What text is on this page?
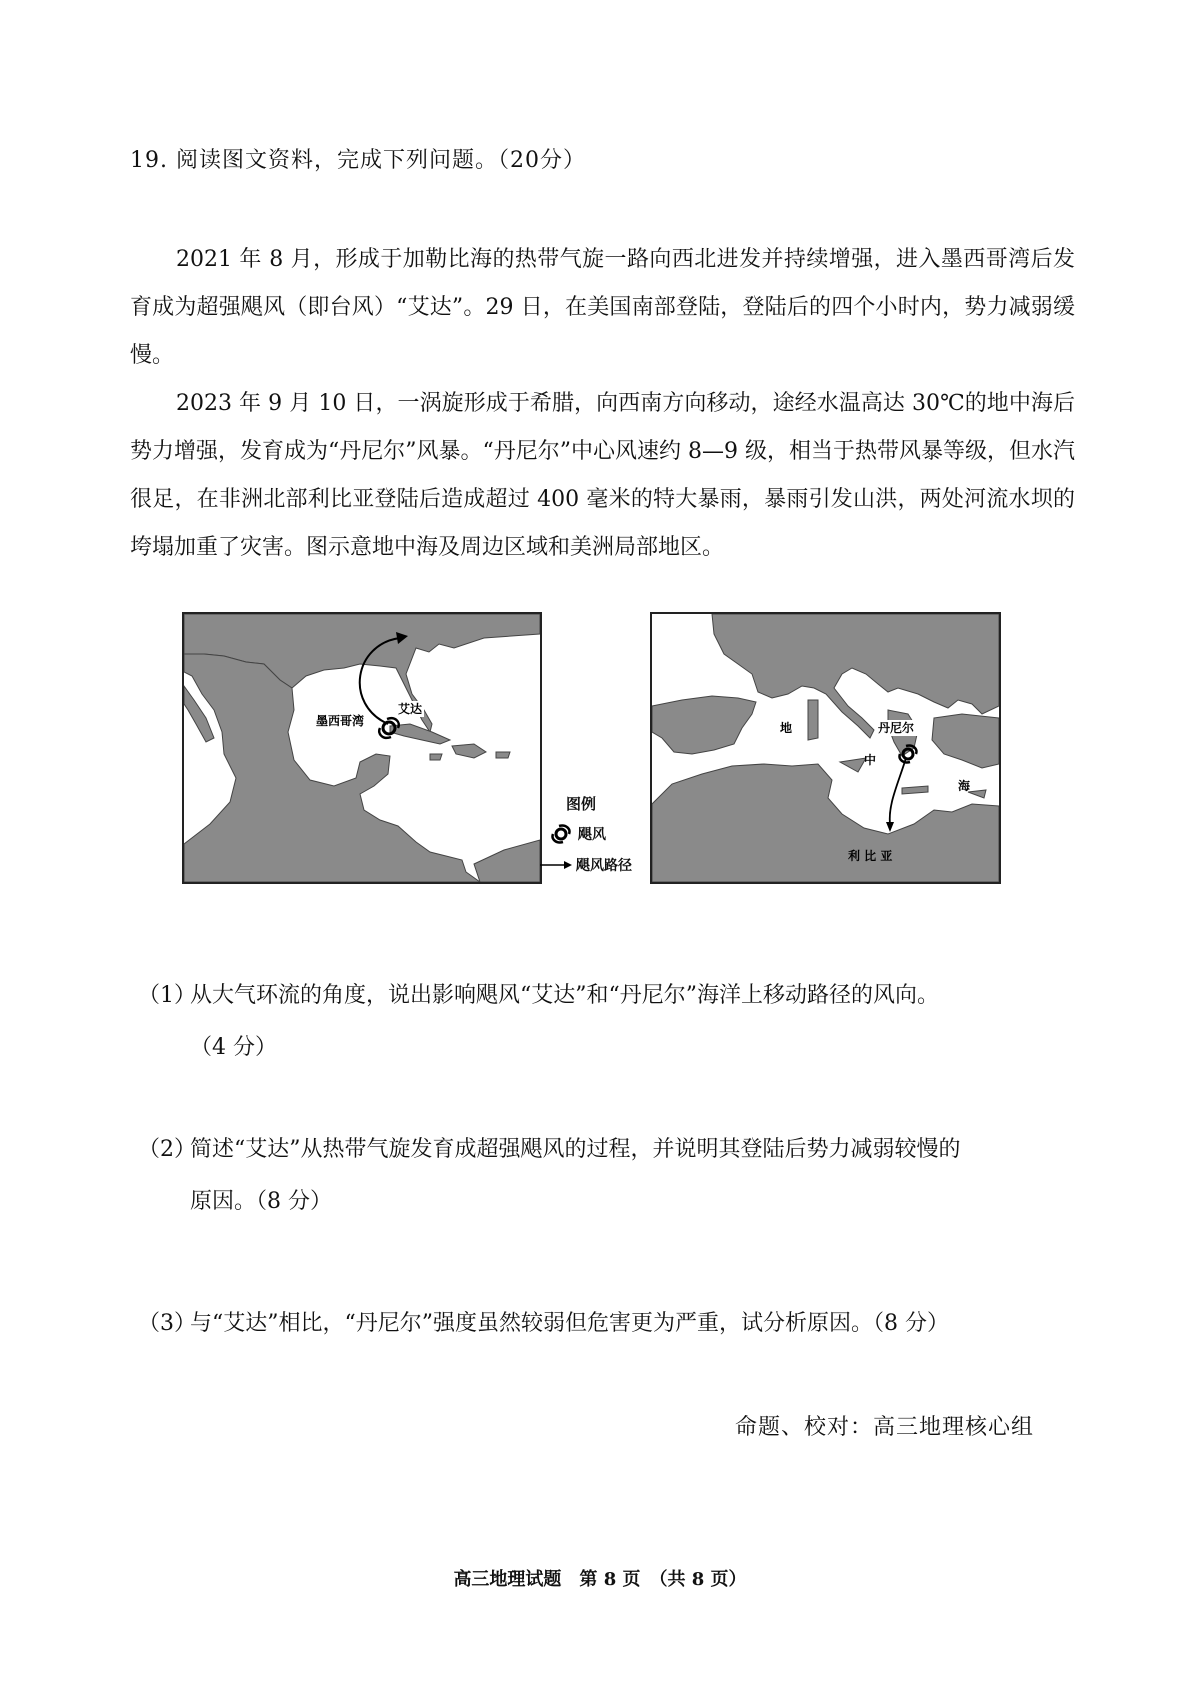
19. 阅读图文资料，完成下列问题。（20分）

2021 年 8 月，形成于加勒比海的热带气旋一路向西北进发并持续增强，进入墨西哥湾后发育成为超强飓风（即台风）“艾达”。29 日，在美国南部登陆，登陆后的四个小时内，势力减弱缓慢。

2023 年 9 月 10 日，一涡旋形成于希腊，向西南方向移动，途经水温高达 30℃的地中海后势力增强，发育成为“丹尼尔”风暴。“丹尼尔”中心风速约 8—9 级，相当于热带风暴等级，但水汽很足，在非洲北部利比亚登陆后造成超过 400 毫米的特大暴雨，暴雨引发山洪，两处河流水坝的垮塌加重了灾害。图示意地中海及周边区域和美洲局部地区。

墨西哥湾
艾达
图例
飓风
飓风路径
丹尼尔
地
中
海
利 比 亚
（1）从大气环流的角度，说出影响飓风“艾达”和“丹尼尔”海洋上移动路径的风向。
（4 分）
（2）简述“艾达”从热带气旋发育成超强飓风的过程，并说明其登陆后势力减弱较慢的
原因。（8 分）
（3）与“艾达”相比，“丹尼尔”强度虽然较弱但危害更为严重，试分析原因。（8 分）
命题、校对：高三地理核心组
高三地理试题　第 8 页　（共 8 页）
